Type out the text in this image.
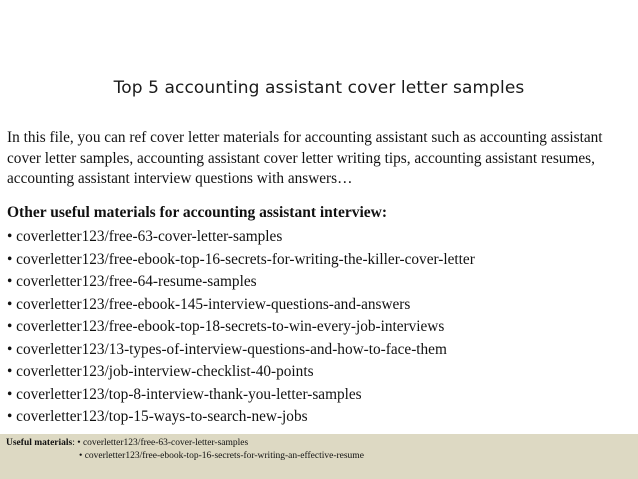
Top 5 accounting assistant cover letter samples
In this file, you can ref cover letter materials for accounting assistant such as accounting assistant
cover letter samples, accounting assistant cover letter writing tips, accounting assistant resumes,
accounting assistant interview questions with answers…
Other useful materials for accounting assistant interview:
• coverletter123/free-63-cover-letter-samples
• coverletter123/free-ebook-top-16-secrets-for-writing-the-killer-cover-letter
• coverletter123/free-64-resume-samples
• coverletter123/free-ebook-145-interview-questions-and-answers
• coverletter123/free-ebook-top-18-secrets-to-win-every-job-interviews
• coverletter123/13-types-of-interview-questions-and-how-to-face-them
• coverletter123/job-interview-checklist-40-points
• coverletter123/top-8-interview-thank-you-letter-samples
• coverletter123/top-15-ways-to-search-new-jobs
Useful materials: • coverletter123/free-63-cover-letter-samples
• coverletter123/free-ebook-top-16-secrets-for-writing-an-effective-resume
